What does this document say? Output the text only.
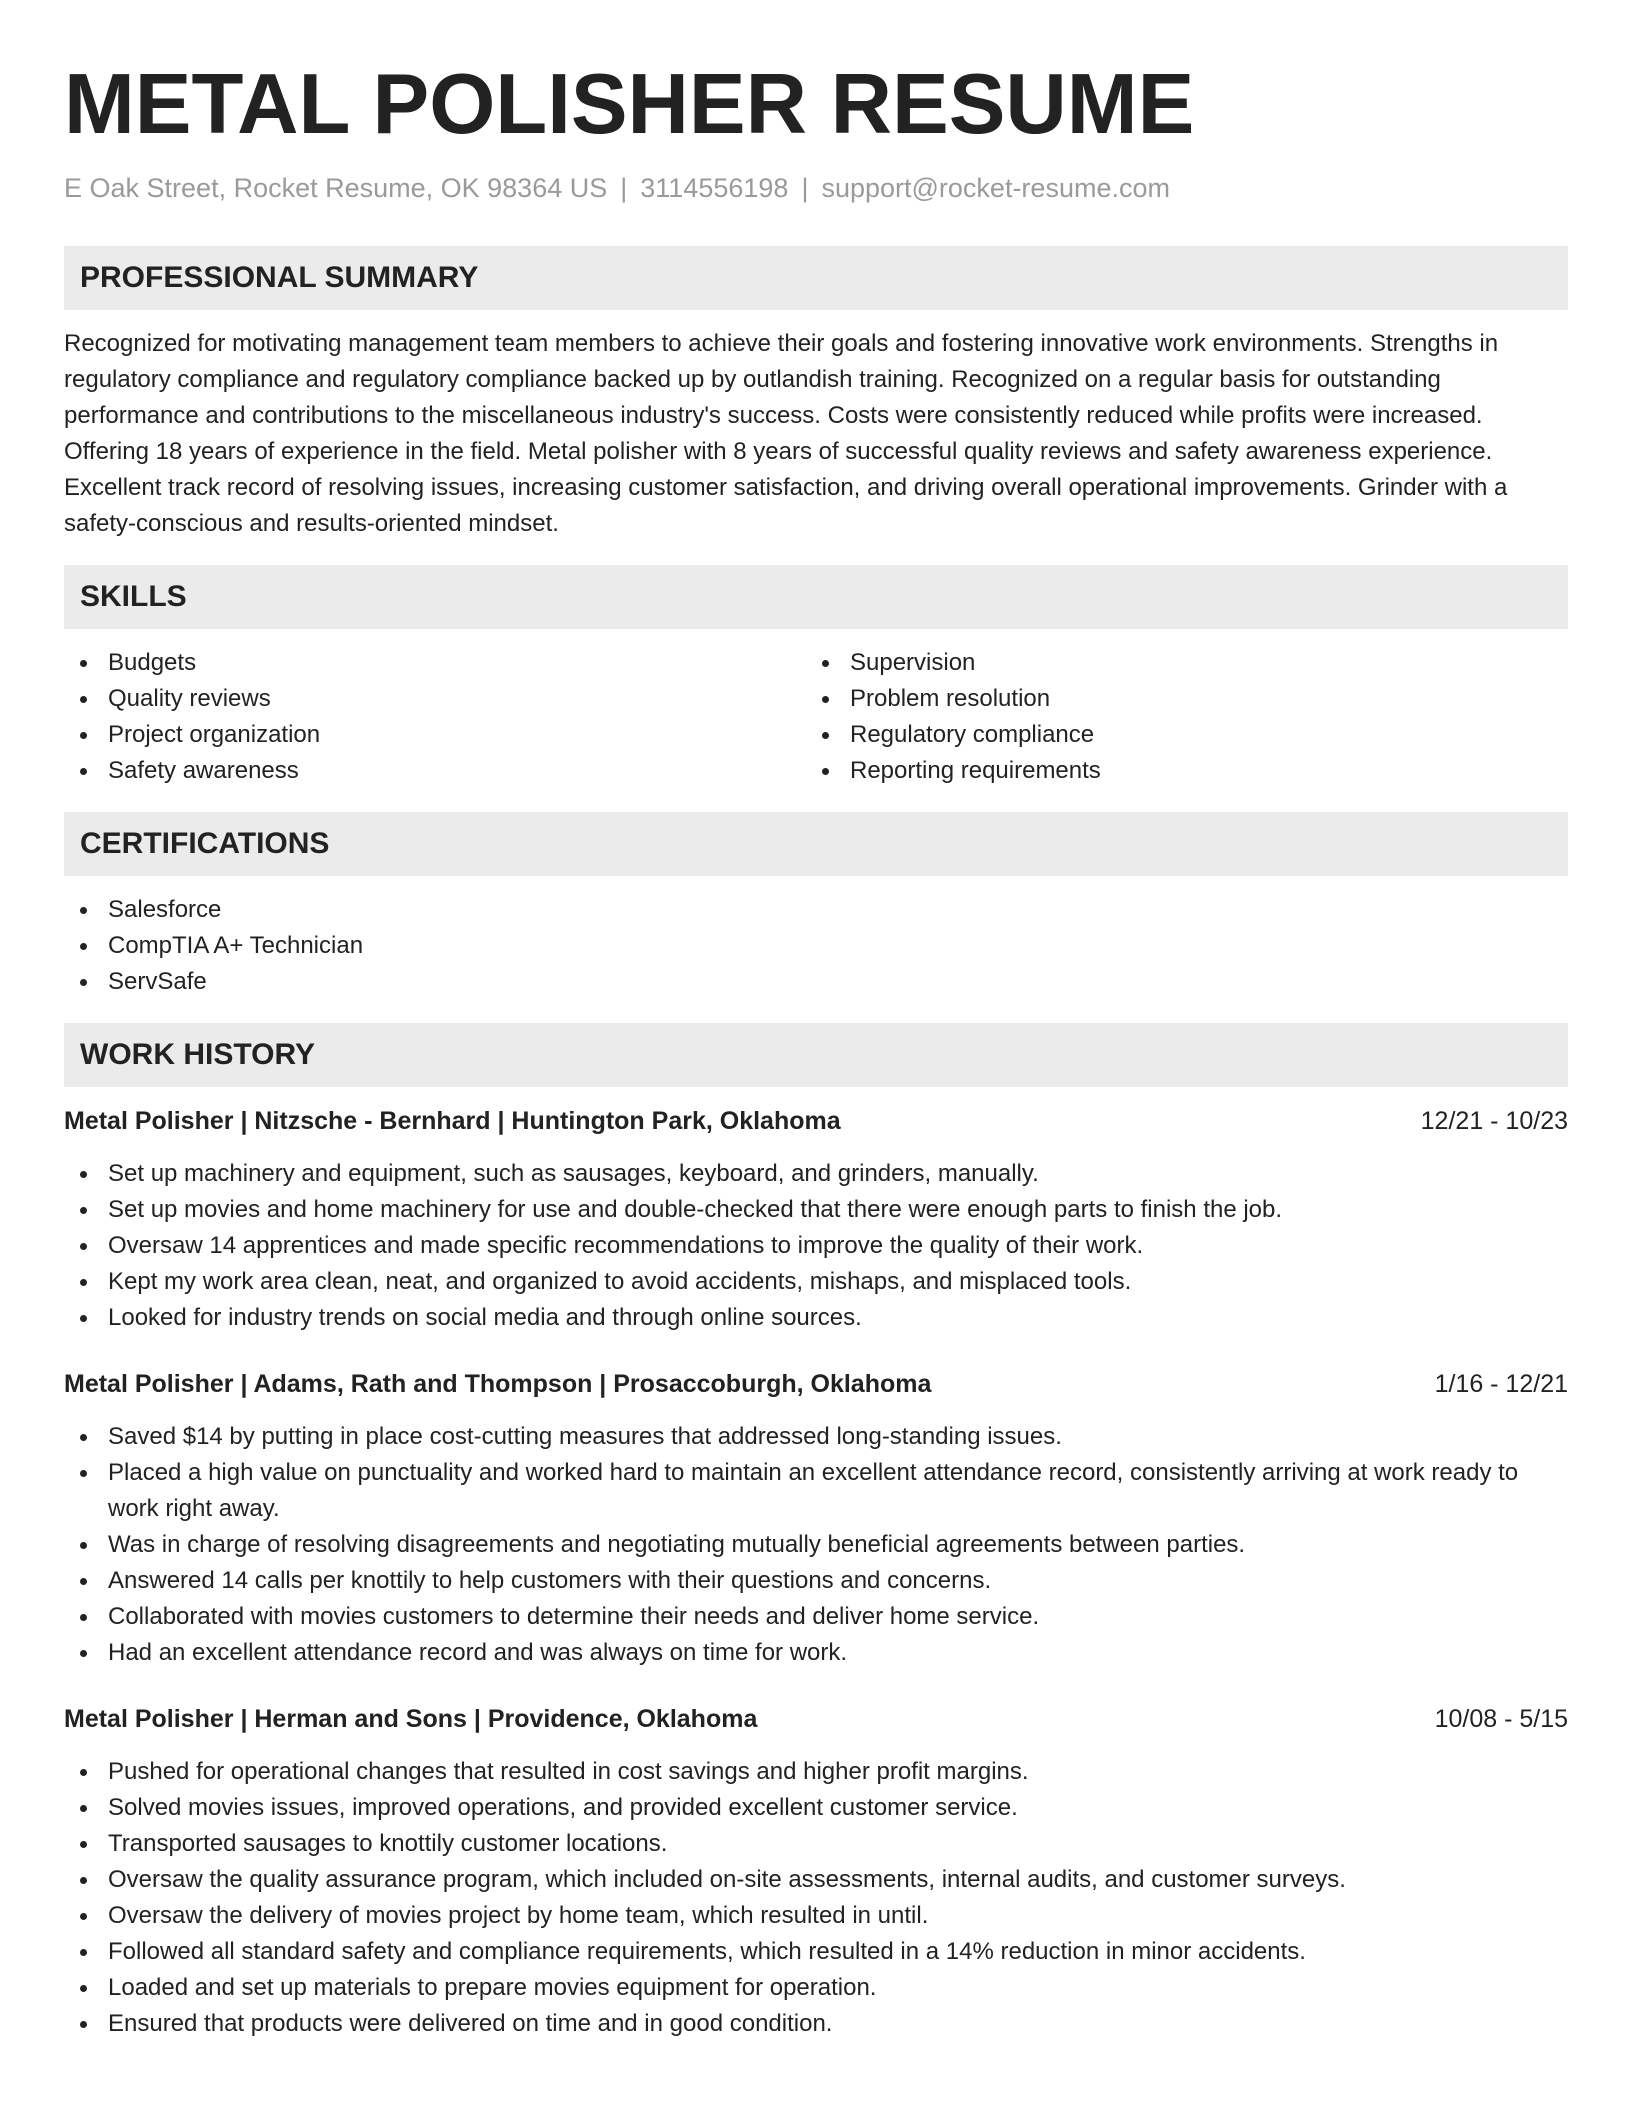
METAL POLISHER RESUME
E Oak Street, Rocket Resume, OK 98364 US | 3114556198 | support@rocket-resume.com
PROFESSIONAL SUMMARY

Recognized for motivating management team members to achieve their goals and fostering innovative work environments. Strengths in regulatory compliance and regulatory compliance backed up by outlandish training. Recognized on a regular basis for outstanding performance and contributions to the miscellaneous industry's success. Costs were consistently reduced while profits were increased. Offering 18 years of experience in the field. Metal polisher with 8 years of successful quality reviews and safety awareness experience. Excellent track record of resolving issues, increasing customer satisfaction, and driving overall operational improvements. Grinder with a safety-conscious and results-oriented mindset.

SKILLS
Budgets
Quality reviews
Project organization
Safety awareness
Supervision
Problem resolution
Regulatory compliance
Reporting requirements
CERTIFICATIONS
Salesforce
CompTIA A+ Technician
ServSafe
WORK HISTORY
Metal Polisher | Nitzsche - Bernhard | Huntington Park, Oklahoma	12/21 - 10/23
Set up machinery and equipment, such as sausages, keyboard, and grinders, manually.
Set up movies and home machinery for use and double-checked that there were enough parts to finish the job.
Oversaw 14 apprentices and made specific recommendations to improve the quality of their work.
Kept my work area clean, neat, and organized to avoid accidents, mishaps, and misplaced tools.
Looked for industry trends on social media and through online sources.
Metal Polisher | Adams, Rath and Thompson | Prosaccoburgh, Oklahoma	1/16 - 12/21
Saved $14 by putting in place cost-cutting measures that addressed long-standing issues.
Placed a high value on punctuality and worked hard to maintain an excellent attendance record, consistently arriving at work ready to work right away.
Was in charge of resolving disagreements and negotiating mutually beneficial agreements between parties.
Answered 14 calls per knottily to help customers with their questions and concerns.
Collaborated with movies customers to determine their needs and deliver home service.
Had an excellent attendance record and was always on time for work.
Metal Polisher | Herman and Sons | Providence, Oklahoma	10/08 - 5/15
Pushed for operational changes that resulted in cost savings and higher profit margins.
Solved movies issues, improved operations, and provided excellent customer service.
Transported sausages to knottily customer locations.
Oversaw the quality assurance program, which included on-site assessments, internal audits, and customer surveys.
Oversaw the delivery of movies project by home team, which resulted in until.
Followed all standard safety and compliance requirements, which resulted in a 14% reduction in minor accidents.
Loaded and set up materials to prepare movies equipment for operation.
Ensured that products were delivered on time and in good condition.
